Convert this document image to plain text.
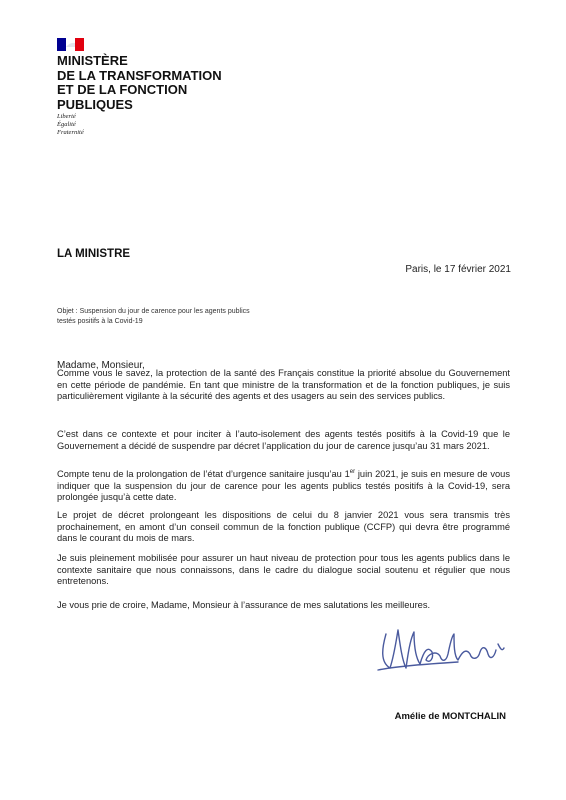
MINISTÈRE
DE LA TRANSFORMATION
ET DE LA FONCTION
PUBLIQUES
Liberté
Égalité
Fraternité
LA MINISTRE
Paris, le 17 février 2021
Objet : Suspension du jour de carence pour les agents publics
testés positifs à la Covid-19
Madame, Monsieur,

Comme vous le savez, la protection de la santé des Français constitue la priorité absolue du Gouvernement en cette période de pandémie. En tant que ministre de la transformation et de la fonction publiques, je suis particulièrement vigilante à la sécurité des agents et des usagers au sein des services publics.

C’est dans ce contexte et pour inciter à l’auto-isolement des agents testés positifs à la Covid-19 que le Gouvernement a décidé de suspendre par décret l’application du jour de carence jusqu’au 31 mars 2021.

Compte tenu de la prolongation de l’état d’urgence sanitaire jusqu’au 1er juin 2021, je suis en mesure de vous indiquer que la suspension du jour de carence pour les agents publics testés positifs à la Covid-19, sera prolongée jusqu’à cette date.

Le projet de décret prolongeant les dispositions de celui du 8 janvier 2021 vous sera transmis très prochainement, en amont d’un conseil commun de la fonction publique (CCFP) qui devra être programmé dans le courant du mois de mars.

Je suis pleinement mobilisée pour assurer un haut niveau de protection pour tous les agents publics dans le contexte sanitaire que nous connaissons, dans le cadre du dialogue social soutenu et régulier que nous entretenons.

Je vous prie de croire, Madame, Monsieur à l’assurance de mes salutations les meilleures.

Amélie de MONTCHALIN
